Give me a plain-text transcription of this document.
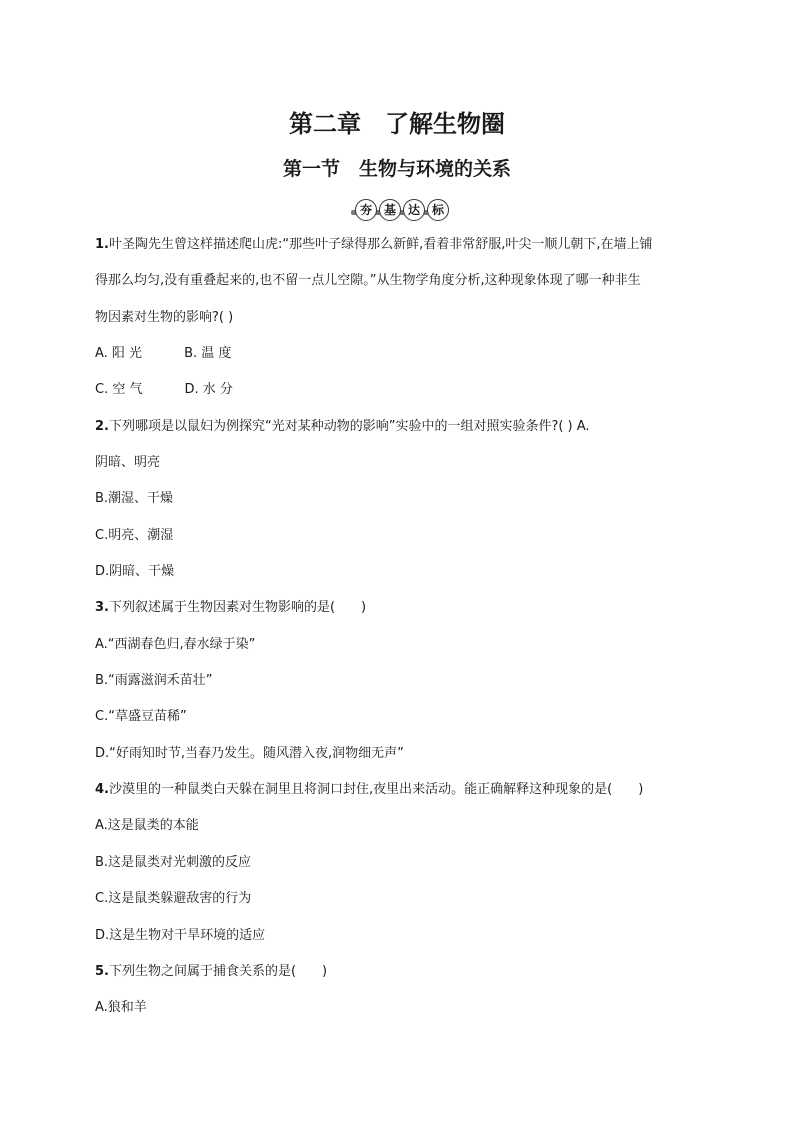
第二章　了解生物圈
第一节　生物与环境的关系
夯 基 达 标
1.叶圣陶先生曾这样描述爬山虎:“那些叶子绿得那么新鲜,看着非常舒服,叶尖一顺儿朝下,在墙上铺
得那么均匀,没有重叠起来的,也不留一点儿空隙。”从生物学角度分析,这种现象体现了哪一种非生
物因素对生物的影响?( )
A. 阳 光	B. 温 度
C. 空 气	D. 水 分
2.下列哪项是以鼠妇为例探究“光对某种动物的影响”实验中的一组对照实验条件?( ) A.
阴暗、明亮
B.潮湿、干燥
C.明亮、潮湿
D.阴暗、干燥
3.下列叙述属于生物因素对生物影响的是(　　)
A.“西湖春色归,春水绿于染”
B.“雨露滋润禾苗壮”
C.“草盛豆苗稀”
D.“好雨知时节,当春乃发生。随风潜入夜,润物细无声”
4.沙漠里的一种鼠类白天躲在洞里且将洞口封住,夜里出来活动。能正确解释这种现象的是(　　)
A.这是鼠类的本能
B.这是鼠类对光刺激的反应
C.这是鼠类躲避敌害的行为
D.这是生物对干旱环境的适应
5.下列生物之间属于捕食关系的是(　　)
A.狼和羊
